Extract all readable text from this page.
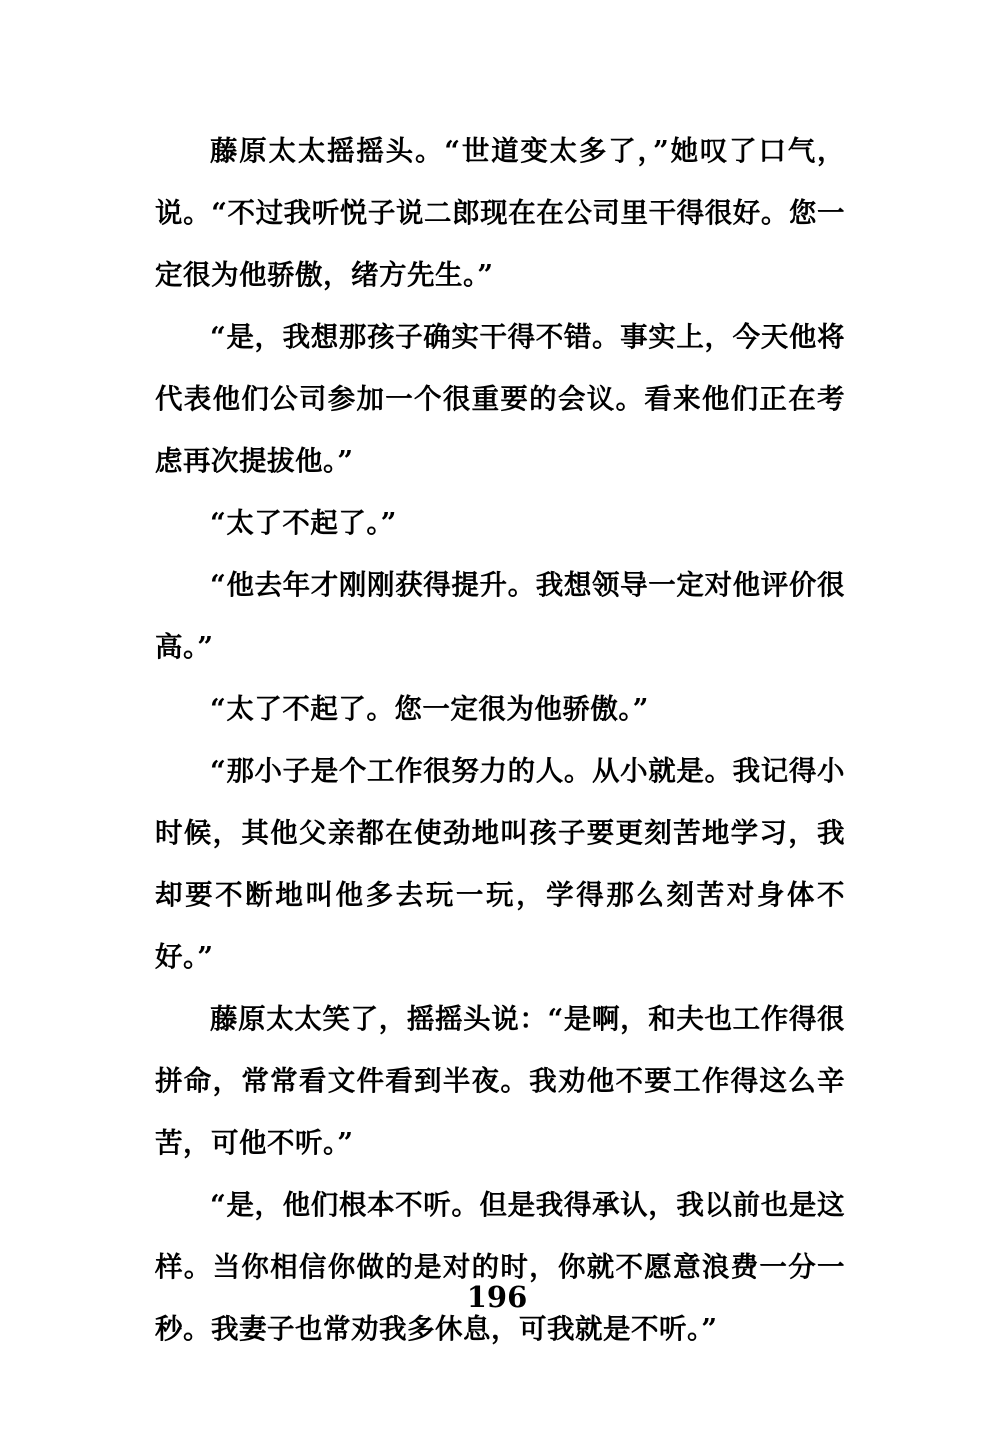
藤原太太摇摇头。“世道变太多了，”她叹了口气，说。“不过我听悦子说二郎现在在公司里干得很好。您一定很为他骄傲，绪方先生。”

“是，我想那孩子确实干得不错。事实上，今天他将代表他们公司参加一个很重要的会议。看来他们正在考虑再次提拔他。”

“太了不起了。”

“他去年才刚刚获得提升。我想领导一定对他评价很高。”

“太了不起了。您一定很为他骄傲。”

“那小子是个工作很努力的人。从小就是。我记得小时候，其他父亲都在使劲地叫孩子要更刻苦地学习，我却要不断地叫他多去玩一玩，学得那么刻苦对身体不好。”

藤原太太笑了，摇摇头说：“是啊，和夫也工作得很拼命，常常看文件看到半夜。我劝他不要工作得这么辛苦，可他不听。”

“是，他们根本不听。但是我得承认，我以前也是这样。当你相信你做的是对的时，你就不愿意浪费一分一秒。我妻子也常劝我多休息，可我就是不听。”

196
